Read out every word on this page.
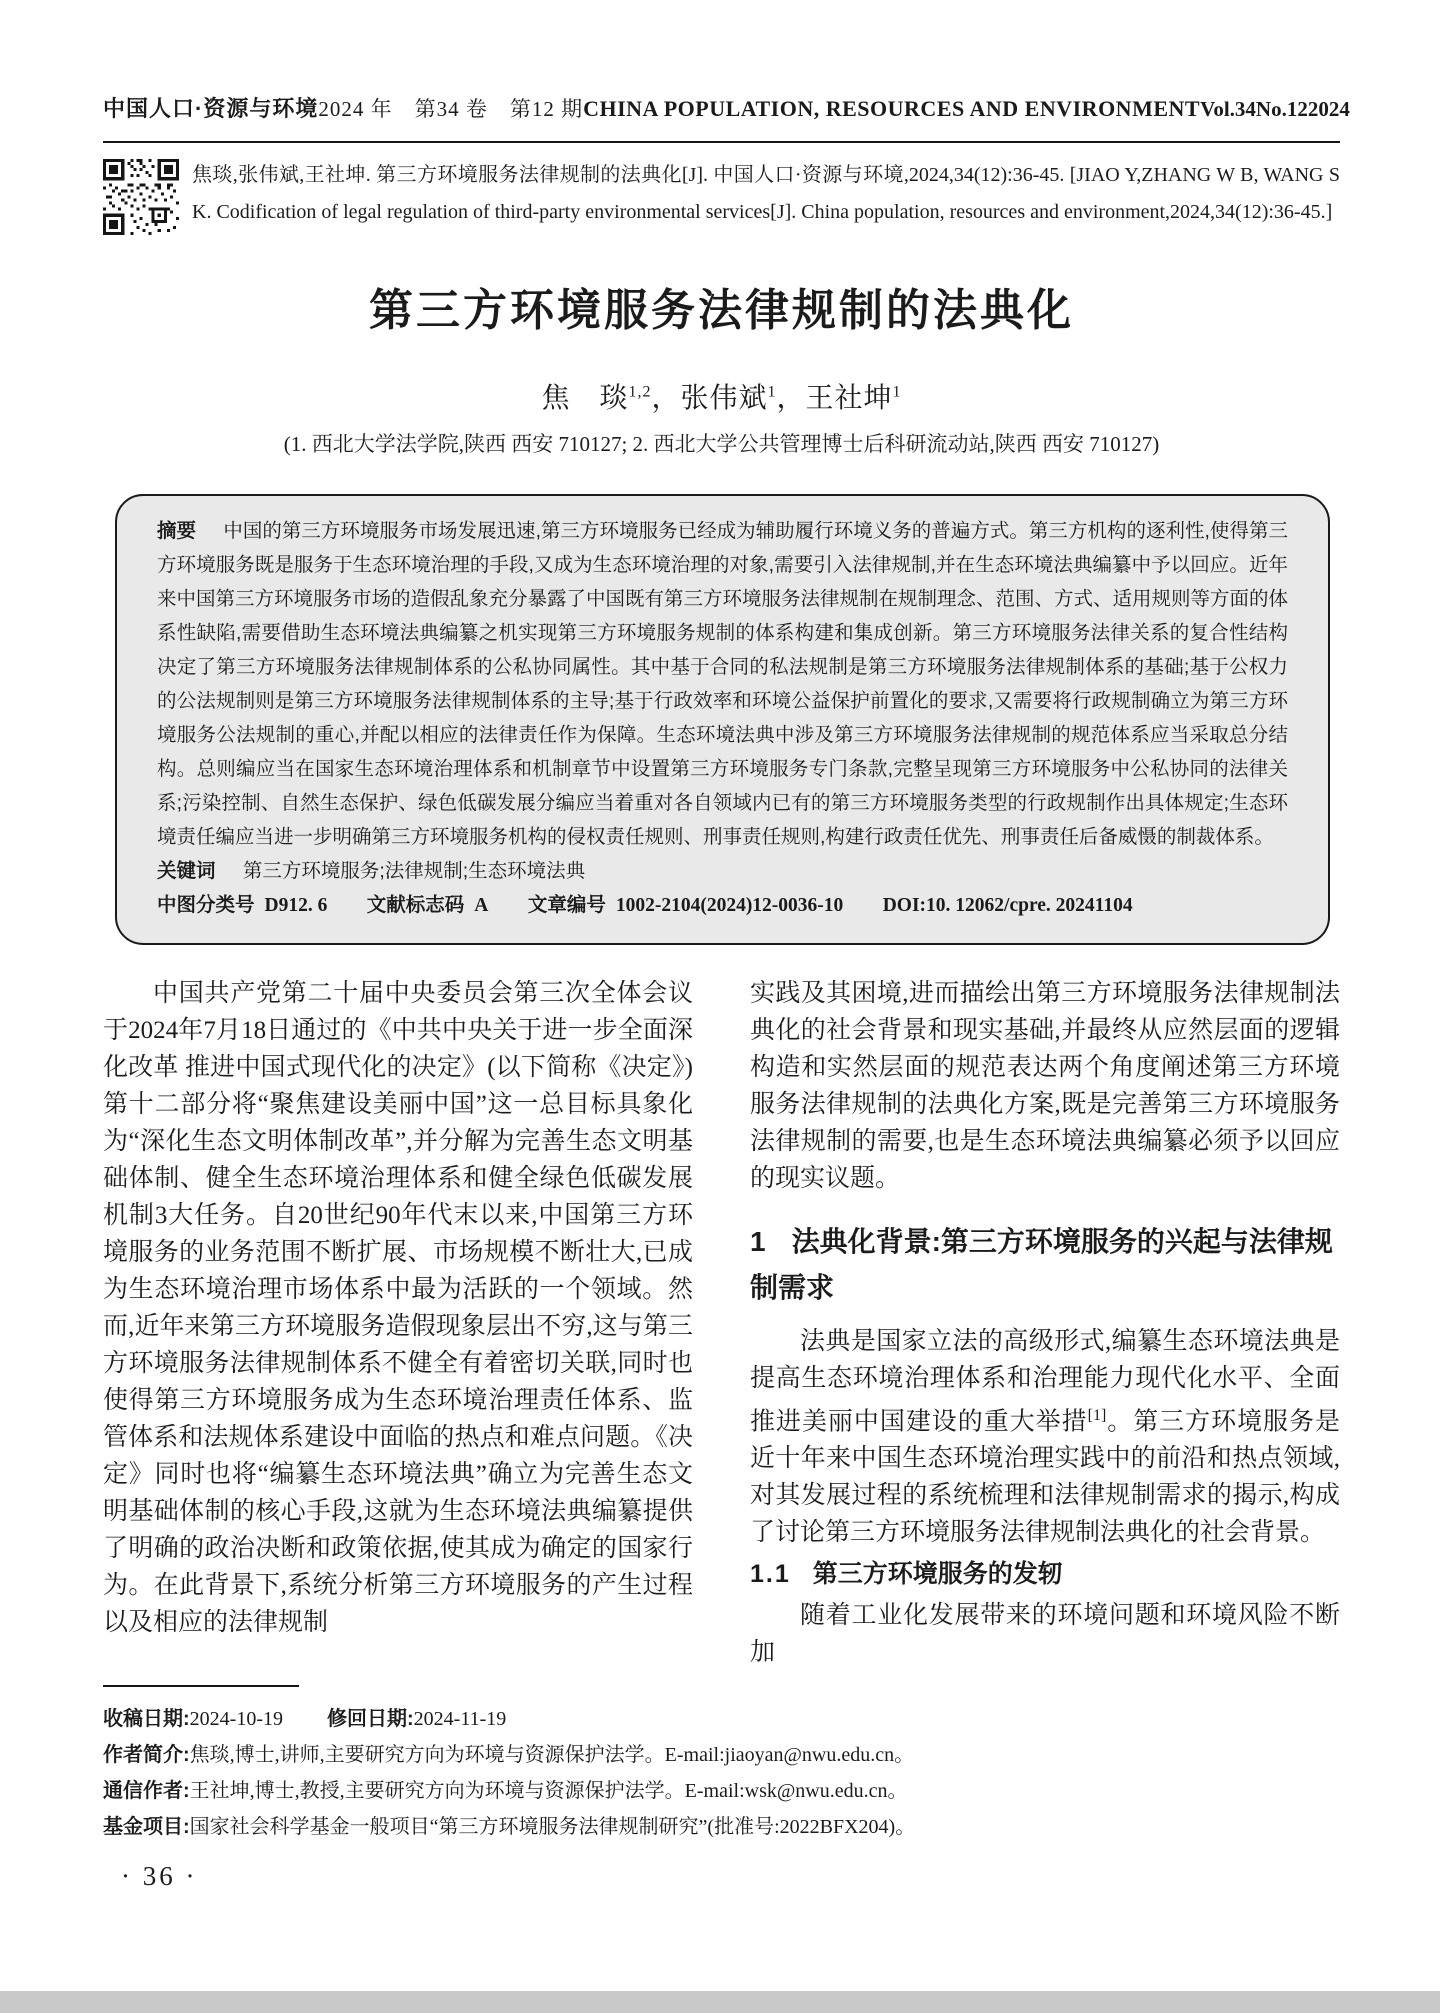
中国人口·资源与环境 2024 年　第34 卷　第12 期 CHINA POPULATION, RESOURCES AND ENVIRONMENT Vol.34 No.12 2024
焦琰,张伟斌,王社坤. 第三方环境服务法律规制的法典化[J]. 中国人口·资源与环境,2024,34(12):36-45. [JIAO Y,ZHANG W B, WANG S K. Codification of legal regulation of third-party environmental services[J]. China population, resources and environment,2024,34(12):36-45.]
第三方环境服务法律规制的法典化
焦　琰$^{1,2}$，张伟斌$^1$，王社坤$^1$
(1. 西北大学法学院,陕西 西安 710127; 2. 西北大学公共管理博士后科研流动站,陕西 西安 710127)
摘要 中国的第三方环境服务市场发展迅速,第三方环境服务已经成为辅助履行环境义务的普遍方式。第三方机构的逐利性,使得第三方环境服务既是服务于生态环境治理的手段,又成为生态环境治理的对象,需要引入法律规制,并在生态环境法典编纂中予以回应。近年来中国第三方环境服务市场的造假乱象充分暴露了中国既有第三方环境服务法律规制在规制理念、范围、方式、适用规则等方面的体系性缺陷,需要借助生态环境法典编纂之机实现第三方环境服务规制的体系构建和集成创新。第三方环境服务法律关系的复合性结构决定了第三方环境服务法律规制体系的公私协同属性。其中基于合同的私法规制是第三方环境服务法律规制体系的基础;基于公权力的公法规制则是第三方环境服务法律规制体系的主导;基于行政效率和环境公益保护前置化的要求,又需要将行政规制确立为第三方环境服务公法规制的重心,并配以相应的法律责任作为保障。生态环境法典中涉及第三方环境服务法律规制的规范体系应当采取总分结构。总则编应当在国家生态环境治理体系和机制章节中设置第三方环境服务专门条款,完整呈现第三方环境服务中公私协同的法律关系;污染控制、自然生态保护、绿色低碳发展分编应当着重对各自领域内已有的第三方环境服务类型的行政规制作出具体规定;生态环境责任编应当进一步明确第三方环境服务机构的侵权责任规则、刑事责任规则,构建行政责任优先、刑事责任后备威慑的制裁体系。
关键词 第三方环境服务;法律规制;生态环境法典
中图分类号 D912. 6 文献标志码 A 文章编号 1002-2104(2024)12-0036-10 DOI:10. 12062/cpre. 20241104

中国共产党第二十届中央委员会第三次全体会议于2024年7月18日通过的《中共中央关于进一步全面深化改革 推进中国式现代化的决定》(以下简称《决定》)第十二部分将“聚焦建设美丽中国”这一总目标具象化为“深化生态文明体制改革”,并分解为完善生态文明基础体制、健全生态环境治理体系和健全绿色低碳发展机制3大任务。自20世纪90年代末以来,中国第三方环境服务的业务范围不断扩展、市场规模不断壮大,已成为生态环境治理市场体系中最为活跃的一个领域。然而,近年来第三方环境服务造假现象层出不穷,这与第三方环境服务法律规制体系不健全有着密切关联,同时也使得第三方环境服务成为生态环境治理责任体系、监管体系和法规体系建设中面临的热点和难点问题。《决定》同时也将“编纂生态环境法典”确立为完善生态文明基础体制的核心手段,这就为生态环境法典编纂提供了明确的政治决断和政策依据,使其成为确定的国家行为。在此背景下,系统分析第三方环境服务的产生过程以及相应的法律规制

实践及其困境,进而描绘出第三方环境服务法律规制法典化的社会背景和现实基础,并最终从应然层面的逻辑构造和实然层面的规范表达两个角度阐述第三方环境服务法律规制的法典化方案,既是完善第三方环境服务法律规制的需要,也是生态环境法典编纂必须予以回应的现实议题。

1 法典化背景:第三方环境服务的兴起与法律规制需求

法典是国家立法的高级形式,编纂生态环境法典是提高生态环境治理体系和治理能力现代化水平、全面推进美丽中国建设的重大举措[1]。第三方环境服务是近十年来中国生态环境治理实践中的前沿和热点领域,对其发展过程的系统梳理和法律规制需求的揭示,构成了讨论第三方环境服务法律规制法典化的社会背景。

1.1 第三方环境服务的发轫

随着工业化发展带来的环境问题和环境风险不断加

收稿日期:2024-10-19 修回日期:2024-11-19
作者简介:焦琰,博士,讲师,主要研究方向为环境与资源保护法学。E-mail:jiaoyan@nwu.edu.cn。
通信作者:王社坤,博士,教授,主要研究方向为环境与资源保护法学。E-mail:wsk@nwu.edu.cn。
基金项目:国家社会科学基金一般项目“第三方环境服务法律规制研究”(批准号:2022BFX204)。
· 36 ·
